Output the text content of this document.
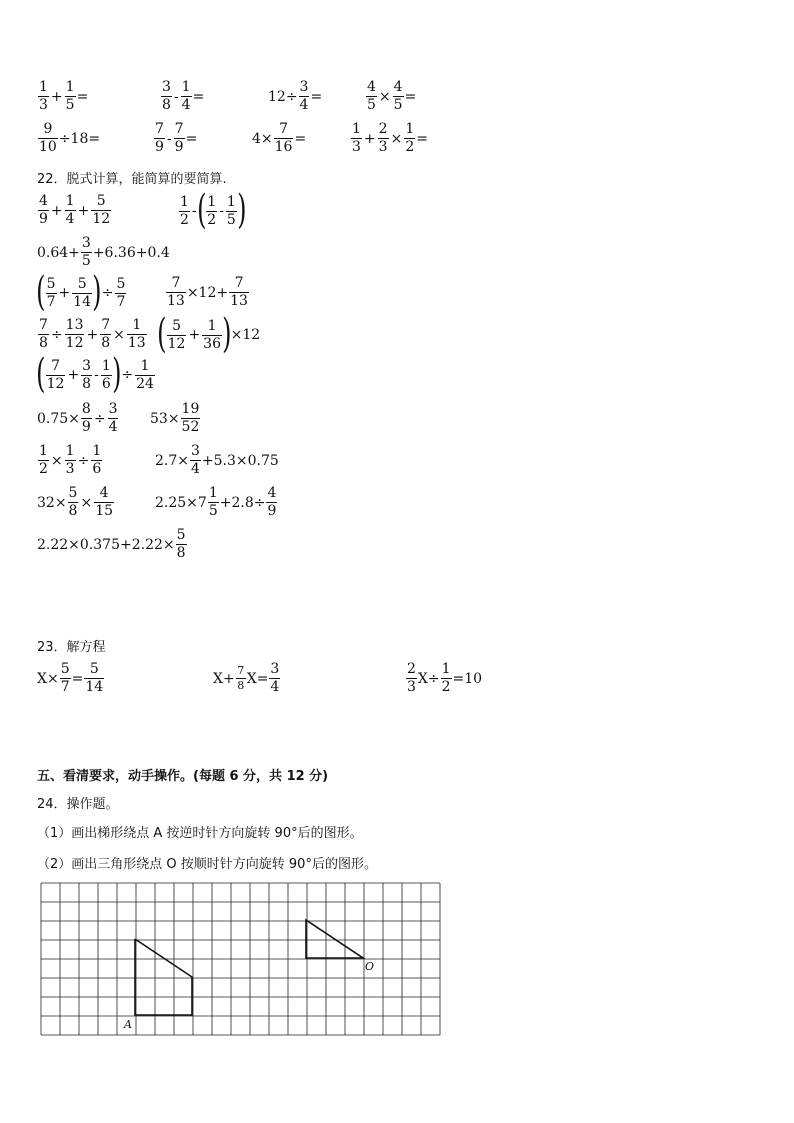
$\frac{1}{3} + \frac{1}{5}$ =	$\frac{3}{8} - \frac{1}{4}$ =	$12\div \frac{3}{4}$ =	$\frac{4}{5} \times \frac{4}{5}$ =
$\frac{9}{10} \div 18=$	$\frac{7}{9} - \frac{7}{9}$ =	$4\times \frac{7}{16}$ =	$\frac{1}{3} + \frac{2}{3} \times \frac{1}{2}$ =
22．脱式计算，能简算的要简算.
$\frac{4}{9} + \frac{1}{4} + \frac{5}{12}$	$\frac{1}{2}$ - ( $\frac{1}{2} - \frac{1}{5}$ )
$0.64+ \frac{3}{5} +6.36+0.4$
( $\frac{5}{7} + \frac{5}{14}$ ) ÷ $\frac{5}{7}$	$\frac{7}{13} \times 12+ \frac{7}{13}$
$\frac{7}{8} \div \frac{13}{12} + \frac{7}{8} \times \frac{1}{13}$ ( $\frac{5}{12} + \frac{1}{36}$ ) ×12
( $\frac{7}{12} + \frac{3}{8} - \frac{1}{6}$ ) ÷ $\frac{1}{24}$
$0.75\times \frac{8}{9} \div \frac{3}{4} 53\times \frac{19}{52}$
$\frac{1}{2} \times \frac{1}{3} \div \frac{1}{6}$	$2.7\times \frac{3}{4} +5.3\times 0.75$
$32\times \frac{5}{8} \times \frac{4}{15}$	$2.25\times 7 \frac{1}{5} +2.8\div \frac{4}{9}$
$2.22\times 0.375+2.22\times \frac{5}{8}$
23．解方程
$X\times \frac{5}{7} = \frac{5}{14}$	$X+ \frac{7}{8} X= \frac{3}{4}$	$\frac{2}{3} X\div \frac{1}{2} =10$
五、看清要求，动手操作。(每题 6 分，共 12 分)
24．操作题。
（1）画出梯形绕点 A 按逆时针方向旋转 90°后的图形。
（2）画出三角形绕点 O 按顺时针方向旋转 90°后的图形。
A
O
